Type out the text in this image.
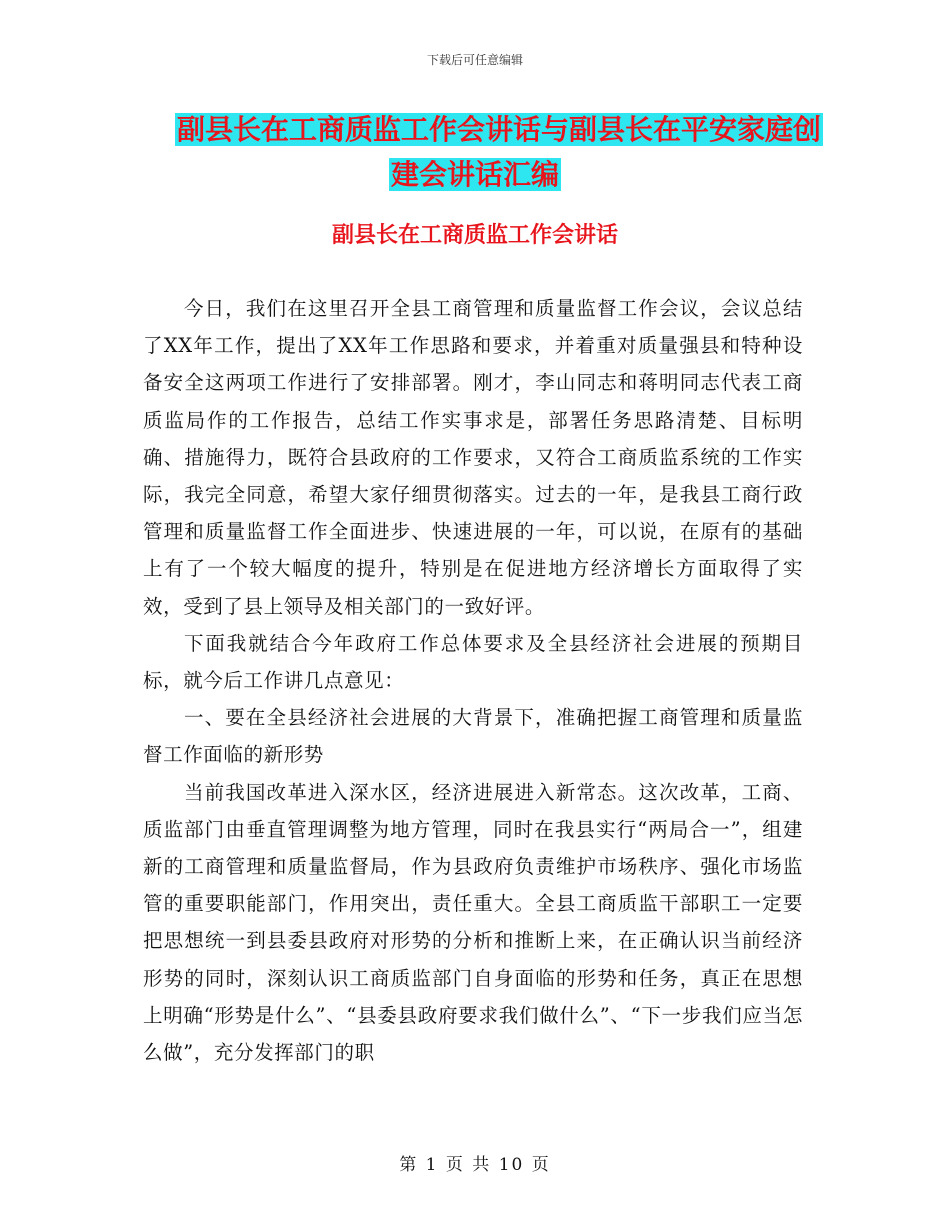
下载后可任意编辑
副县长在工商质监工作会讲话与副县长在平安家庭创
建会讲话汇编
副县长在工商质监工作会讲话

今日，我们在这里召开全县工商管理和质量监督工作会议，会议总结了XX年工作，提出了XX年工作思路和要求，并着重对质量强县和特种设备安全这两项工作进行了安排部署。刚才，李山同志和蒋明同志代表工商质监局作的工作报告，总结工作实事求是，部署任务思路清楚、目标明确、措施得力，既符合县政府的工作要求，又符合工商质监系统的工作实际，我完全同意，希望大家仔细贯彻落实。过去的一年，是我县工商行政管理和质量监督工作全面进步、快速进展的一年，可以说，在原有的基础上有了一个较大幅度的提升，特别是在促进地方经济增长方面取得了实效，受到了县上领导及相关部门的一致好评。

下面我就结合今年政府工作总体要求及全县经济社会进展的预期目标，就今后工作讲几点意见：

一、要在全县经济社会进展的大背景下，准确把握工商管理和质量监督工作面临的新形势

当前我国改革进入深水区，经济进展进入新常态。这次改革，工商、质监部门由垂直管理调整为地方管理，同时在我县实行“两局合一”，组建新的工商管理和质量监督局，作为县政府负责维护市场秩序、强化市场监管的重要职能部门，作用突出，责任重大。全县工商质监干部职工一定要把思想统一到县委县政府对形势的分析和推断上来，在正确认识当前经济形势的同时，深刻认识工商质监部门自身面临的形势和任务，真正在思想上明确“形势是什么”、“县委县政府要求我们做什么”、“下一步我们应当怎么做”，充分发挥部门的职

第 1 页 共 10 页
